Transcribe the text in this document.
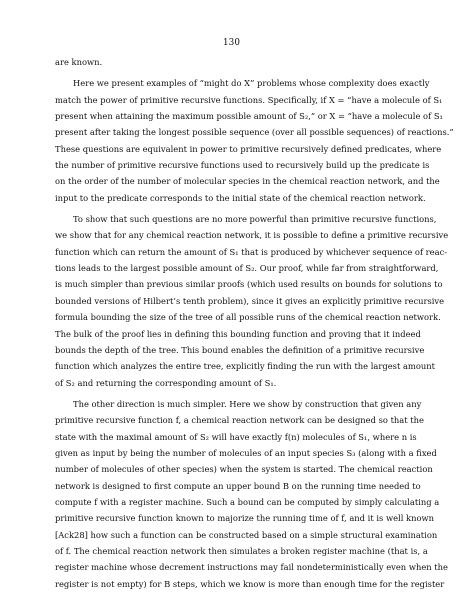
130
are known.
Here we present examples of “might do X” problems whose complexity does exactly
match the power of primitive recursive functions. Specifically, if X = “have a molecule of S₁
present when attaining the maximum possible amount of S₂,” or X = “have a molecule of S₁
present after taking the longest possible sequence (over all possible sequences) of reactions.”
These questions are equivalent in power to primitive recursively defined predicates, where
the number of primitive recursive functions used to recursively build up the predicate is
on the order of the number of molecular species in the chemical reaction network, and the
input to the predicate corresponds to the initial state of the chemical reaction network.
To show that such questions are no more powerful than primitive recursive functions,
we show that for any chemical reaction network, it is possible to define a primitive recursive
function which can return the amount of S₁ that is produced by whichever sequence of reac-
tions leads to the largest possible amount of S₂. Our proof, while far from straightforward,
is much simpler than previous similar proofs (which used results on bounds for solutions to
bounded versions of Hilbert’s tenth problem), since it gives an explicitly primitive recursive
formula bounding the size of the tree of all possible runs of the chemical reaction network.
The bulk of the proof lies in defining this bounding function and proving that it indeed
bounds the depth of the tree. This bound enables the definition of a primitive recursive
function which analyzes the entire tree, explicitly finding the run with the largest amount
of S₂ and returning the corresponding amount of S₁.
The other direction is much simpler. Here we show by construction that given any
primitive recursive function f, a chemical reaction network can be designed so that the
state with the maximal amount of S₂ will have exactly f(n) molecules of S₁, where n is
given as input by being the number of molecules of an input species S₃ (along with a fixed
number of molecules of other species) when the system is started. The chemical reaction
network is designed to first compute an upper bound B on the running time needed to
compute f with a register machine. Such a bound can be computed by simply calculating a
primitive recursive function known to majorize the running time of f, and it is well known
[Ack28] how such a function can be constructed based on a simple structural examination
of f. The chemical reaction network then simulates a broken register machine (that is, a
register machine whose decrement instructions may fail nondeterministically even when the
register is not empty) for B steps, which we know is more than enough time for the register
